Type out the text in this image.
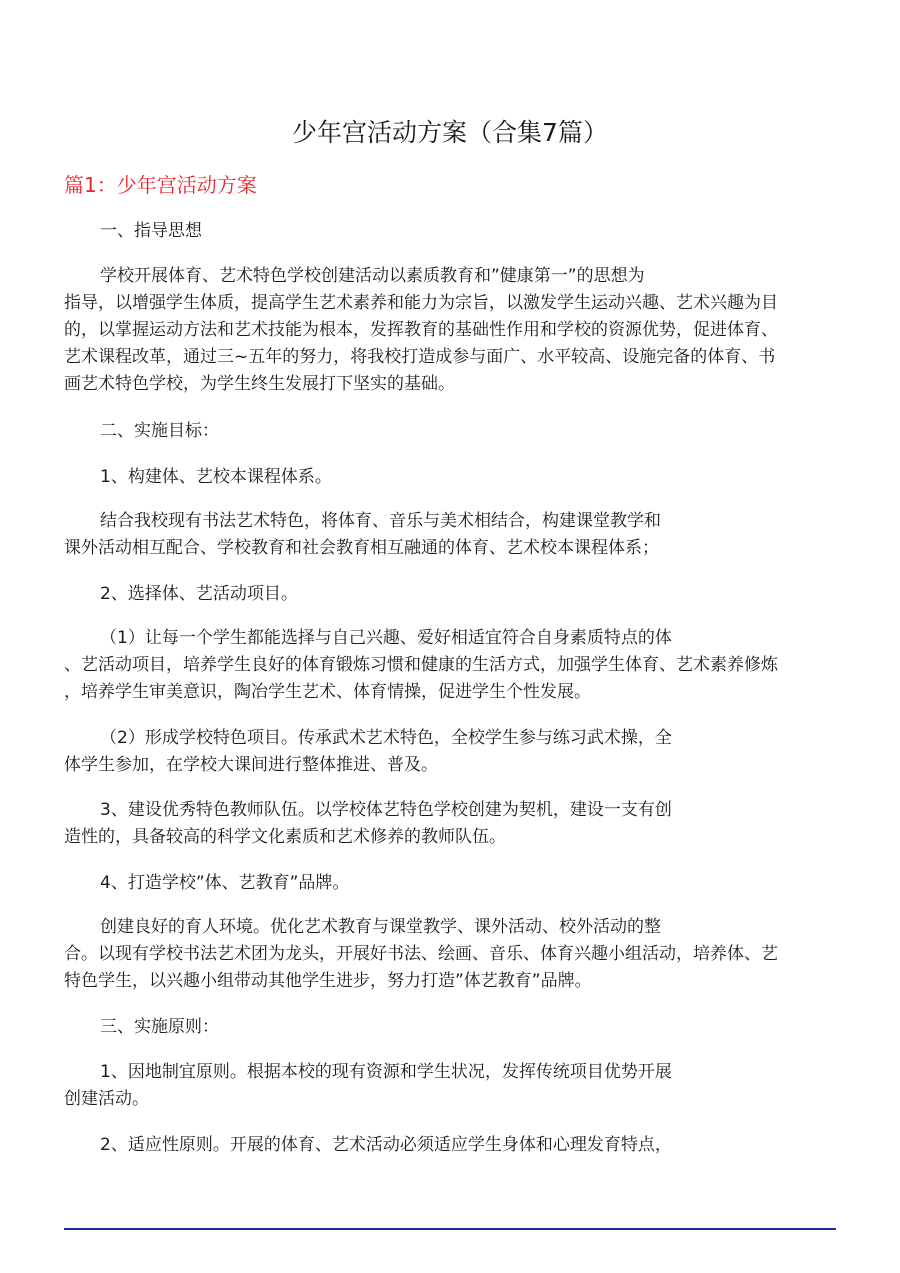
少年宫活动方案（合集7篇）
篇1：少年宫活动方案
一、指导思想
学校开展体育、艺术特色学校创建活动以素质教育和”健康第一”的思想为
指导，以增强学生体质，提高学生艺术素养和能力为宗旨，以激发学生运动兴趣、艺术兴趣为目
的，以掌握运动方法和艺术技能为根本，发挥教育的基础性作用和学校的资源优势，促进体育、
艺术课程改革，通过三~五年的努力，将我校打造成参与面广、水平较高、设施完备的体育、书
画艺术特色学校，为学生终生发展打下坚实的基础。
二、实施目标：
1、构建体、艺校本课程体系。
结合我校现有书法艺术特色，将体育、音乐与美术相结合，构建课堂教学和
课外活动相互配合、学校教育和社会教育相互融通的体育、艺术校本课程体系；
2、选择体、艺活动项目。
（1）让每一个学生都能选择与自己兴趣、爱好相适宜符合自身素质特点的体
、艺活动项目，培养学生良好的体育锻炼习惯和健康的生活方式，加强学生体育、艺术素养修炼
，培养学生审美意识，陶冶学生艺术、体育情操，促进学生个性发展。
（2）形成学校特色项目。传承武术艺术特色，全校学生参与练习武术操，全
体学生参加，在学校大课间进行整体推进、普及。
3、建设优秀特色教师队伍。以学校体艺特色学校创建为契机，建设一支有创
造性的，具备较高的科学文化素质和艺术修养的教师队伍。
4、打造学校”体、艺教育”品牌。
创建良好的育人环境。优化艺术教育与课堂教学、课外活动、校外活动的整
合。以现有学校书法艺术团为龙头，开展好书法、绘画、音乐、体育兴趣小组活动，培养体、艺
特色学生，以兴趣小组带动其他学生进步，努力打造”体艺教育”品牌。
三、实施原则：
1、因地制宜原则。根据本校的现有资源和学生状况，发挥传统项目优势开展
创建活动。
2、适应性原则。开展的体育、艺术活动必须适应学生身体和心理发育特点，
